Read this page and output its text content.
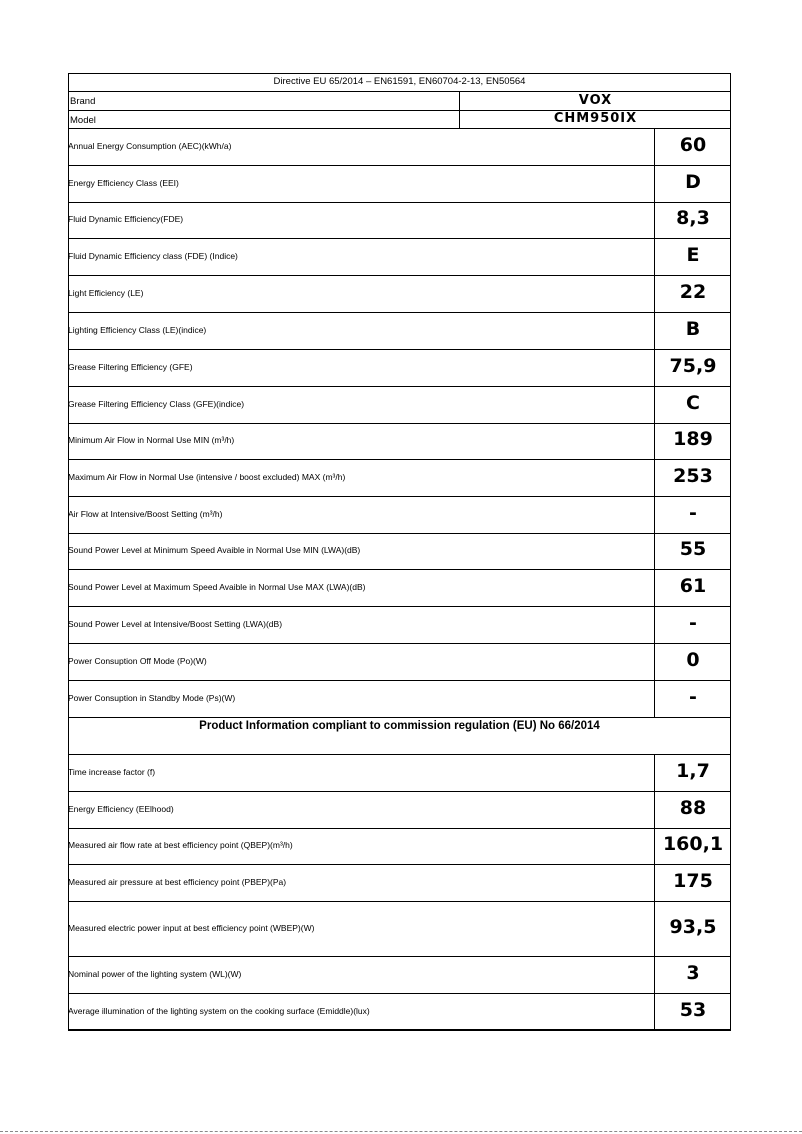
Directive EU 65/2014 – EN61591, EN60704-2-13, EN50564
Brand	VOX
Model	CHM950IX
Annual Energy Consumption (AEC)(kWh/a)	60
Energy Efficiency Class (EEI)	D
Fluid Dynamic Efficiency(FDE)	8,3
Fluid Dynamic Efficiency class (FDE) (Indice)	E
Light Efficiency (LE)	22
Lighting Efficiency Class (LE)(indice)	B
Grease Filtering Efficiency (GFE)	75,9
Grease Filtering Efficiency Class (GFE)(indice)	C
Minimum Air Flow in Normal Use MIN (m³/h)	189
Maximum Air Flow in Normal Use (intensive / boost excluded) MAX (m³/h)	253
Air Flow at Intensive/Boost Setting (m³/h)	-
Sound Power Level at Minimum Speed Avaible in Normal Use MIN (LWA)(dB)	55
Sound Power Level at Maximum Speed Avaible in Normal Use MAX (LWA)(dB)	61
Sound Power Level at Intensive/Boost Setting (LWA)(dB)	-
Power Consuption Off Mode (Po)(W)	0
Power Consuption in Standby Mode (Ps)(W)	-
Product Information compliant to commission regulation (EU) No 66/2014
Time increase factor (f)	1,7
Energy Efficiency (EElhood)	88
Measured air flow rate at best efficiency point (QBEP)(m³/h)	160,1
Measured air pressure at best efficiency point (PBEP)(Pa)	175
Measured electric power input at best efficiency point (WBEP)(W)	93,5
Nominal power of the lighting system (WL)(W)	3
Average illumination of the lighting system on the cooking surface (Emiddle)(lux)	53
